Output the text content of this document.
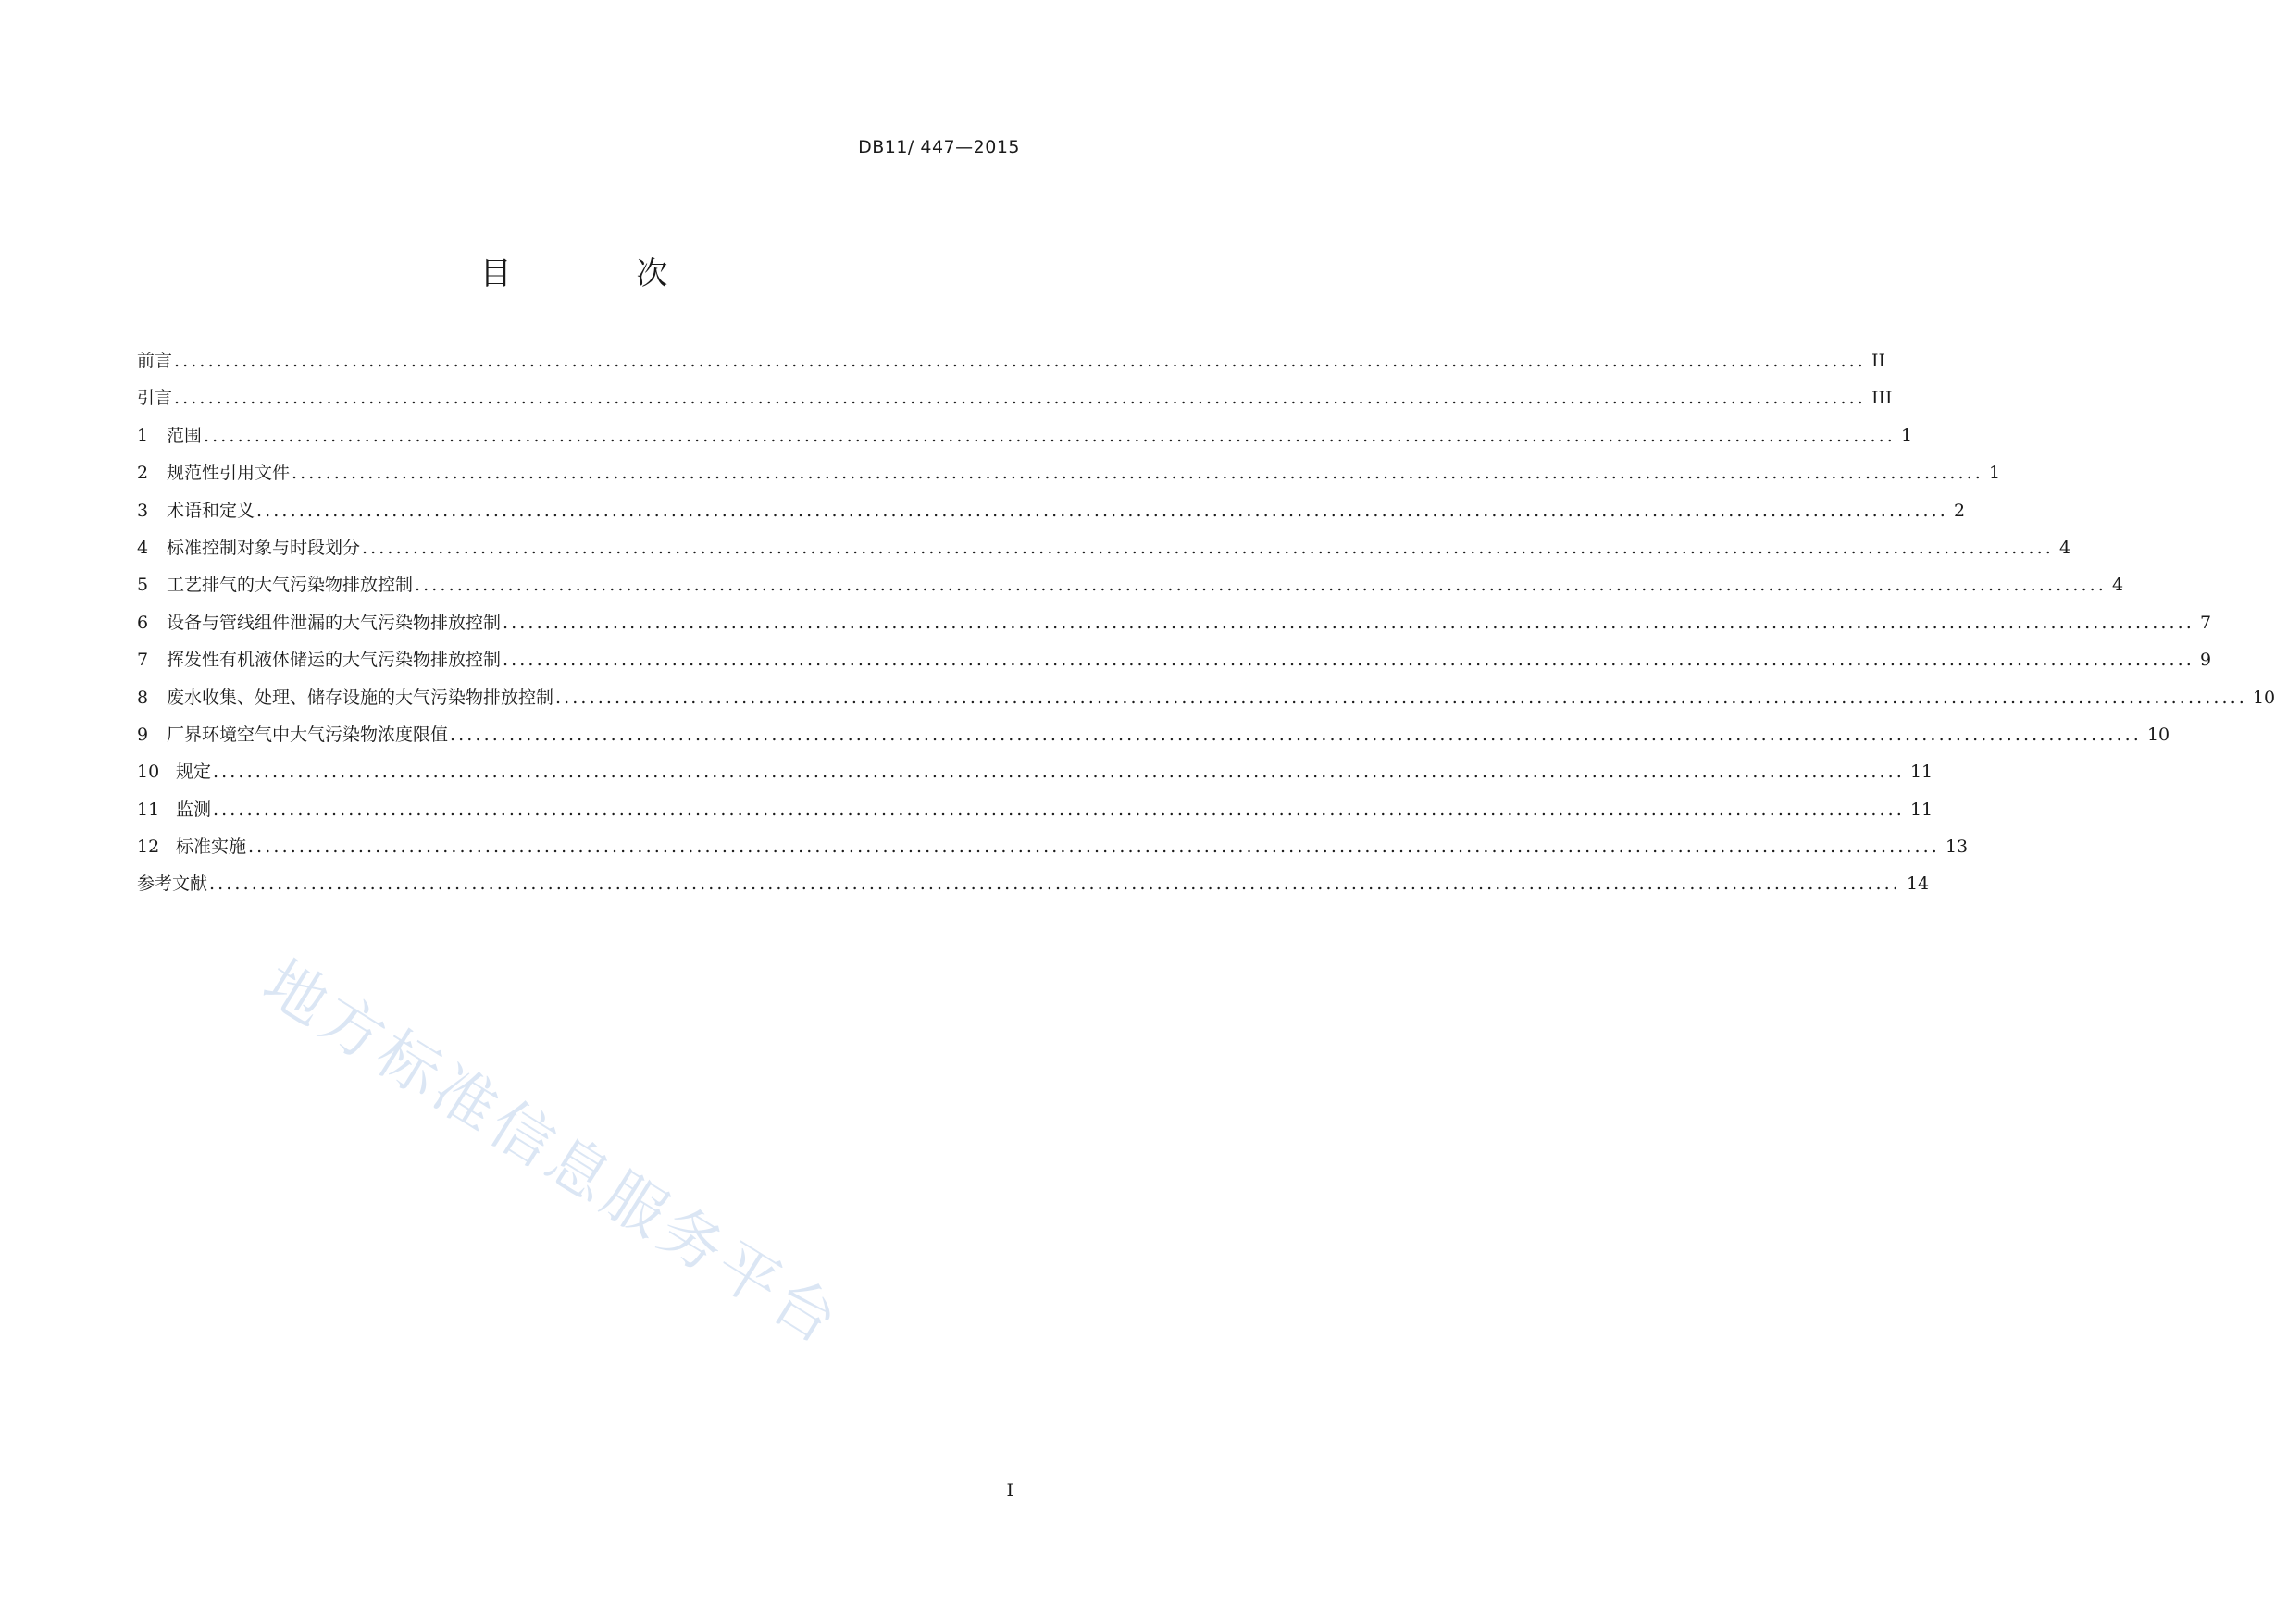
DB11/ 447—2015
目 次
前言 ........................................................................................................................................................................................................ II
引言 ........................................................................................................................................................................................................ III
1	范围 ........................................................................................................................................................................................................ 1
2	规范性引用文件 ........................................................................................................................................................................................................ 1
3	术语和定义 ........................................................................................................................................................................................................ 2
4	标准控制对象与时段划分 ........................................................................................................................................................................................................ 4
5	工艺排气的大气污染物排放控制 ........................................................................................................................................................................................................ 4
6	设备与管线组件泄漏的大气污染物排放控制 ........................................................................................................................................................................................................ 7
7	挥发性有机液体储运的大气污染物排放控制 ........................................................................................................................................................................................................ 9
8	废水收集、处理、储存设施的大气污染物排放控制 ........................................................................................................................................................................................................ 10
9	厂界环境空气中大气污染物浓度限值 ........................................................................................................................................................................................................ 10
10 规定 ........................................................................................................................................................................................................ 11
11 监测 ........................................................................................................................................................................................................ 11
12 标准实施 ........................................................................................................................................................................................................ 13
参考文献 ........................................................................................................................................................................................................ 14
地方标准信息服务平台
I
